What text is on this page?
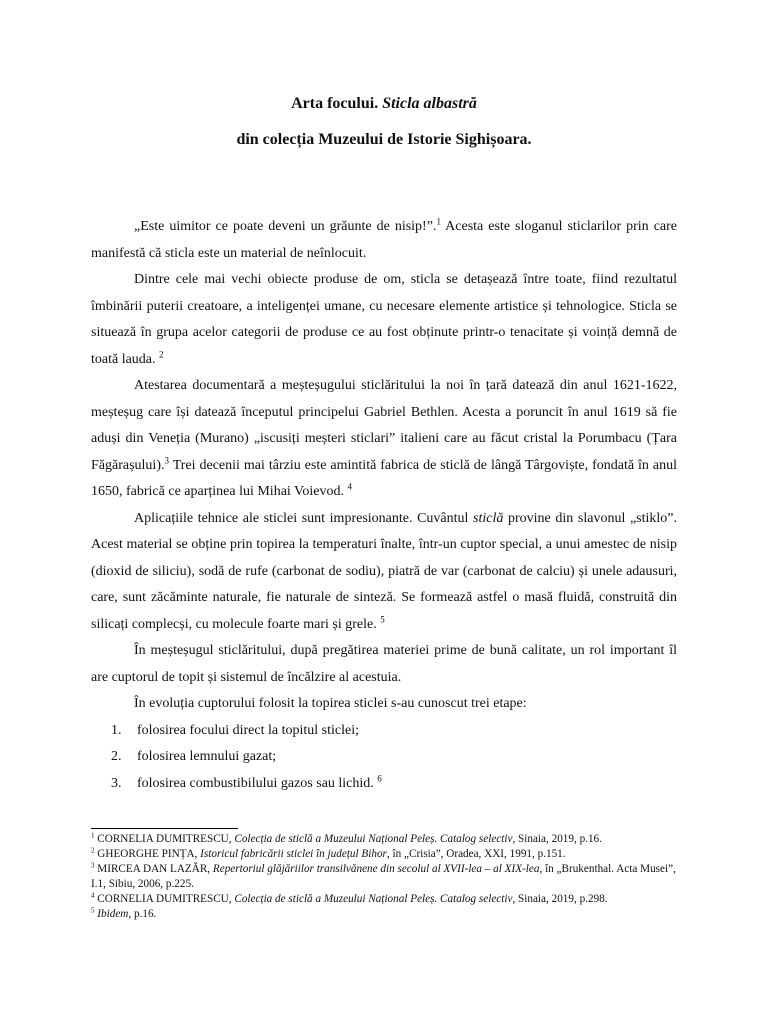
Arta focului. Sticla albastră
din colecția Muzeului de Istorie Sighișoara.

„Este uimitor ce poate deveni un grăunte de nisip!”.$^1$ Acesta este sloganul sticlarilor prin care manifestă că sticla este un material de neînlocuit.

Dintre cele mai vechi obiecte produse de om, sticla se detașează între toate, fiind rezultatul îmbinării puterii creatoare, a inteligenței umane, cu necesare elemente artistice și tehnologice. Sticla se situează în grupa acelor categorii de produse ce au fost obținute printr-o tenacitate și voință demnă de toată lauda. $^2$

Atestarea documentară a meșteșugului sticlăritului la noi în țară datează din anul 1621-1622, meșteșug care își datează începutul principelui Gabriel Bethlen. Acesta a poruncit în anul 1619 să fie aduși din Veneția (Murano) „iscusiți meșteri sticlari” italieni care au făcut cristal la Porumbacu (Țara Făgărașului).$^3$ Trei decenii mai târziu este amintită fabrica de sticlă de lângă Târgoviște, fondată în anul 1650, fabrică ce aparținea lui Mihai Voievod. $^4$

Aplicațiile tehnice ale sticlei sunt impresionante. Cuvântul sticlă provine din slavonul „stiklo”. Acest material se obține prin topirea la temperaturi înalte, într-un cuptor special, a unui amestec de nisip (dioxid de siliciu), sodă de rufe (carbonat de sodiu), piatră de var (carbonat de calciu) și unele adausuri, care, sunt zăcăminte naturale, fie naturale de sinteză. Se formează astfel o masă fluidă, construită din silicați complecși, cu molecule foarte mari și grele. $^5$

În meșteșugul sticlăritului, după pregătirea materiei prime de bună calitate, un rol important îl are cuptorul de topit și sistemul de încălzire al acestuia.

În evoluția cuptorului folosit la topirea sticlei s-au cunoscut trei etape:

1.	folosirea focului direct la topitul sticlei;
2.	folosirea lemnului gazat;
3.	folosirea combustibilului gazos sau lichid. $^6$

$^1$ CORNELIA DUMITRESCU, Colecția de sticlă a Muzeului Național Peleș. Catalog selectiv, Sinaia, 2019, p.16.

$^2$ GHEORGHE PINȚA, Istoricul fabricării sticlei în județul Bihor, în „Crisia”, Oradea, XXI, 1991, p.151.

$^3$ MIRCEA DAN LAZĂR, Repertoriul glăjăriilor transilvănene din secolul al XVII-lea – al XIX-lea, în „Brukenthal. Acta Musei”, I.1, Sibiu, 2006, p.225.

$^4$ CORNELIA DUMITRESCU, Colecția de sticlă a Muzeului Național Peleș. Catalog selectiv, Sinaia, 2019, p.298.

$^5$ Ibidem, p.16.
